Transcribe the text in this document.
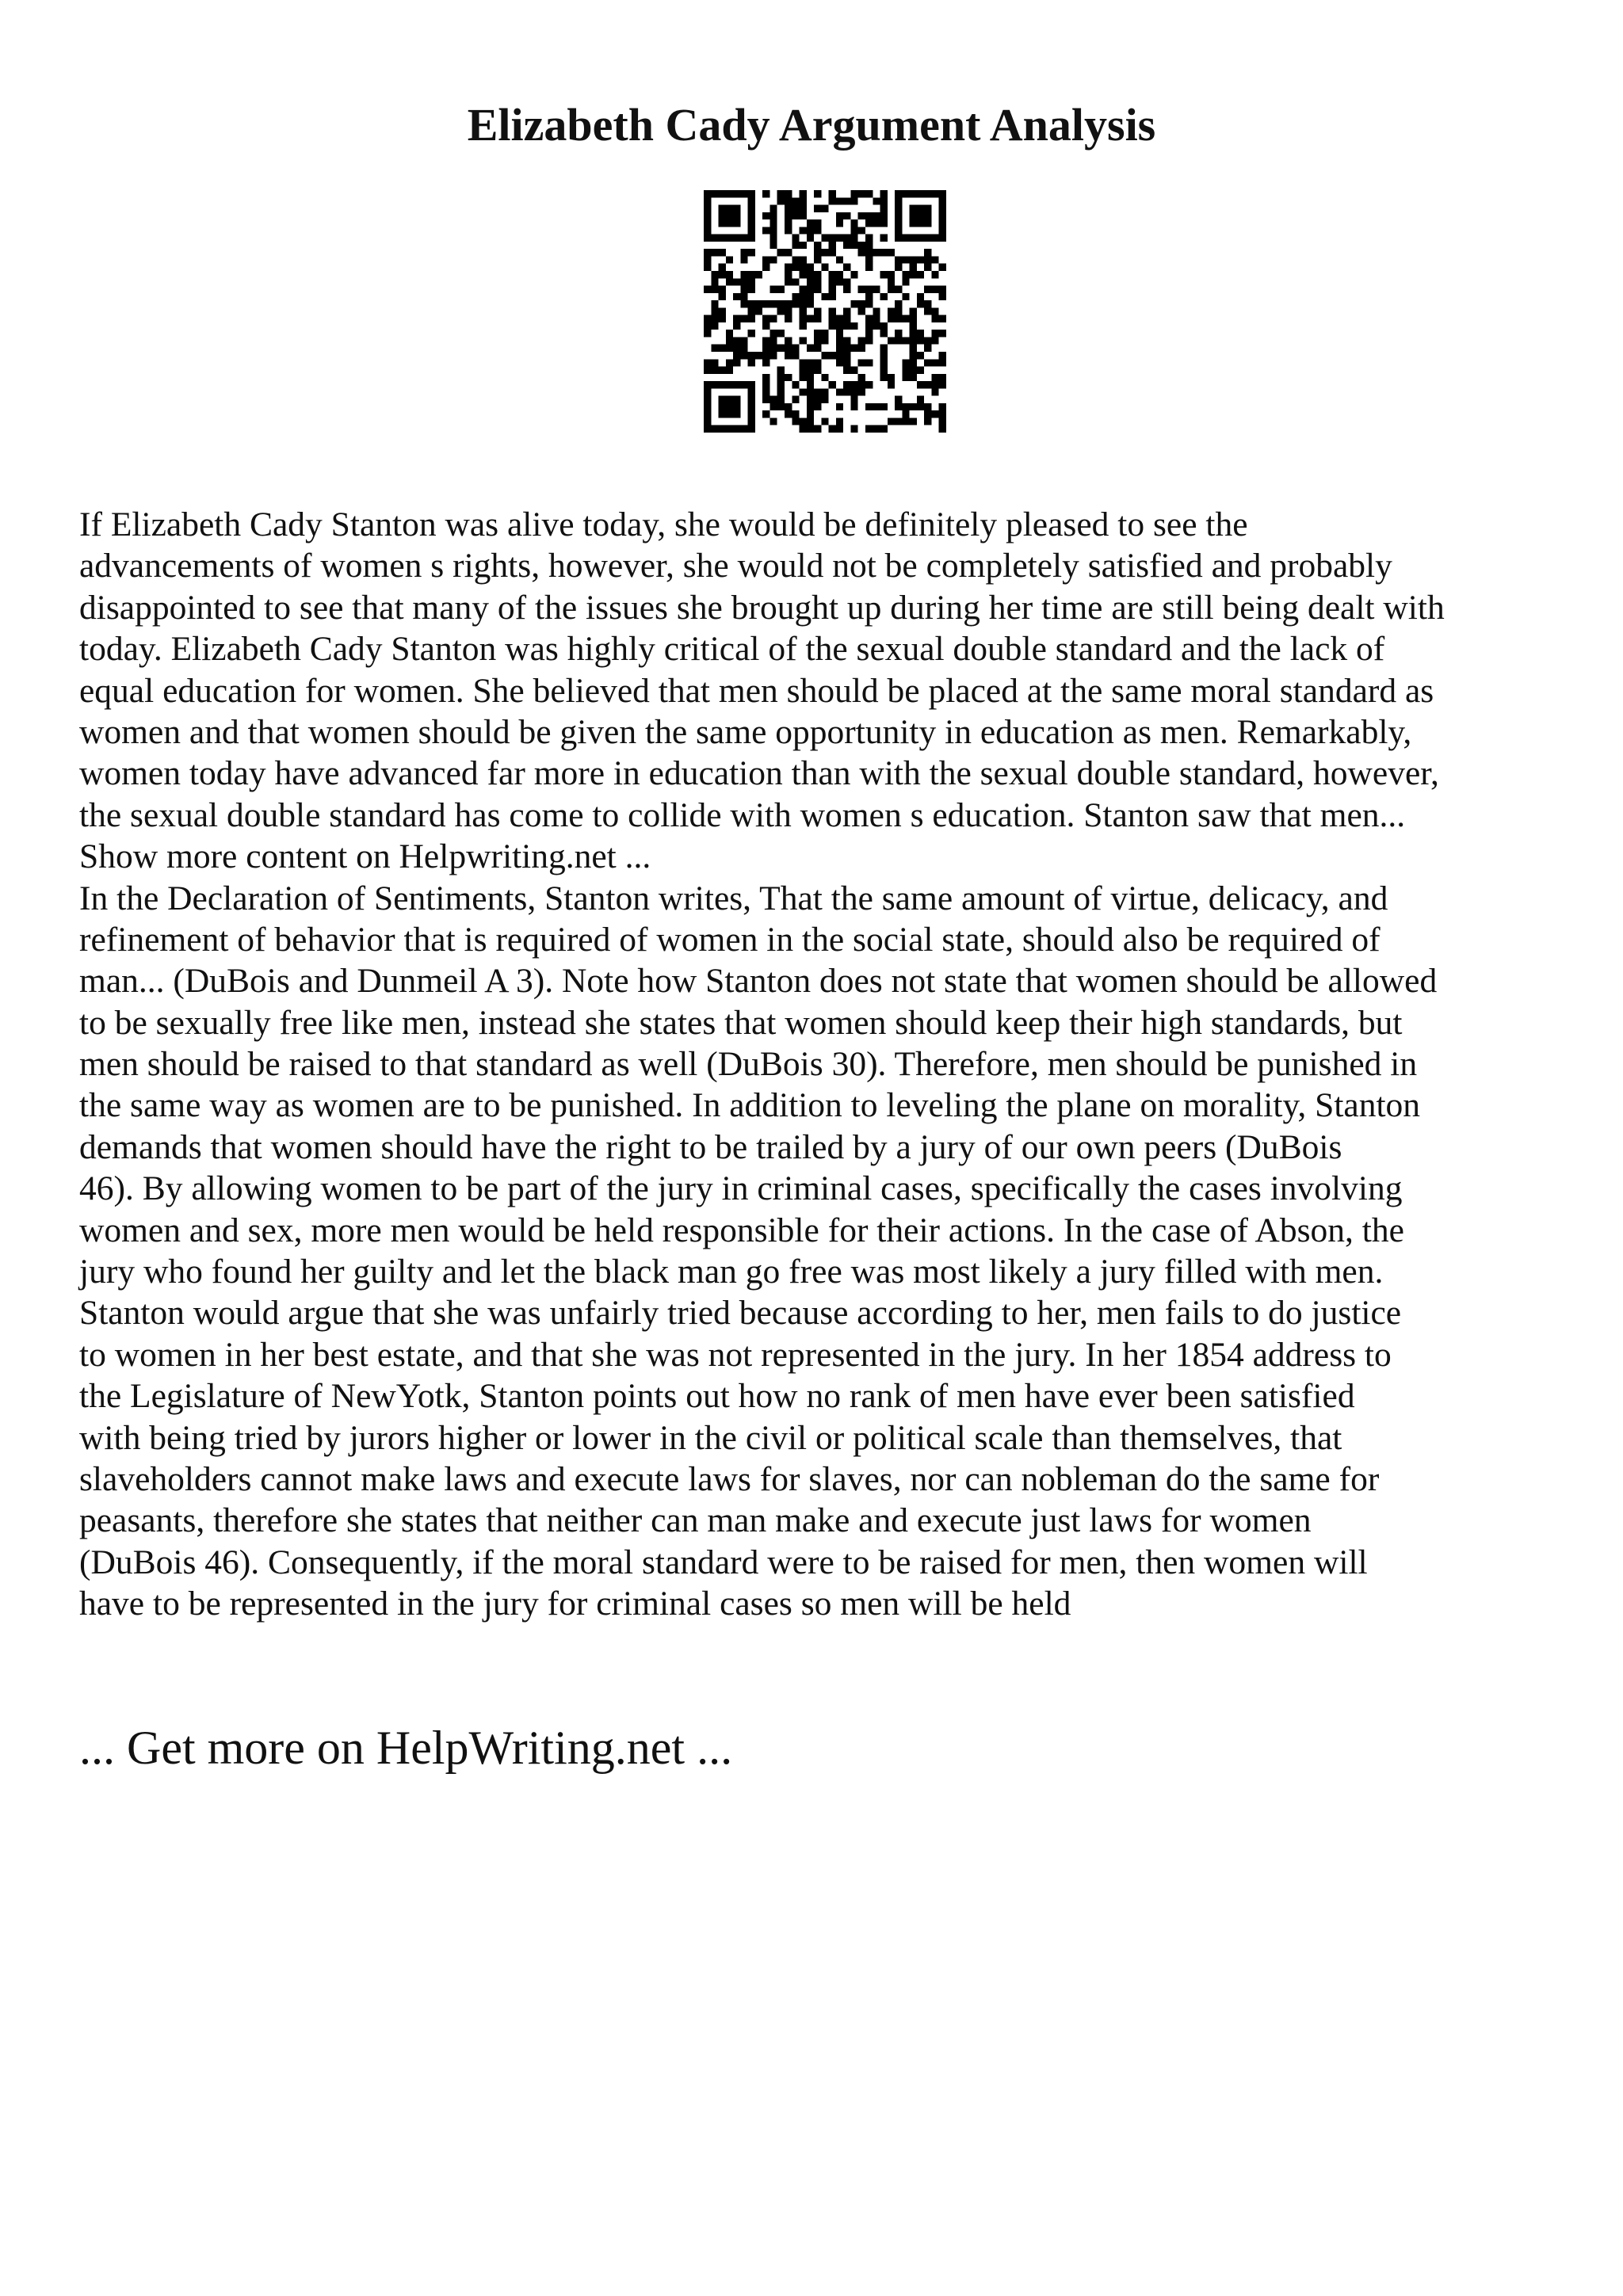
Elizabeth Cady Argument Analysis
If Elizabeth Cady Stanton was alive today, she would be definitely pleased to see the
advancements of women s rights, however, she would not be completely satisfied and probably
disappointed to see that many of the issues she brought up during her time are still being dealt with
today. Elizabeth Cady Stanton was highly critical of the sexual double standard and the lack of
equal education for women. She believed that men should be placed at the same moral standard as
women and that women should be given the same opportunity in education as men. Remarkably,
women today have advanced far more in education than with the sexual double standard, however,
the sexual double standard has come to collide with women s education. Stanton saw that men...
Show more content on Helpwriting.net ...
In the Declaration of Sentiments, Stanton writes, That the same amount of virtue, delicacy, and
refinement of behavior that is required of women in the social state, should also be required of
man... (DuBois and Dunmeil A 3). Note how Stanton does not state that women should be allowed
to be sexually free like men, instead she states that women should keep their high standards, but
men should be raised to that standard as well (DuBois 30). Therefore, men should be punished in
the same way as women are to be punished. In addition to leveling the plane on morality, Stanton
demands that women should have the right to be trailed by a jury of our own peers (DuBois
46). By allowing women to be part of the jury in criminal cases, specifically the cases involving
women and sex, more men would be held responsible for their actions. In the case of Abson, the
jury who found her guilty and let the black man go free was most likely a jury filled with men.
Stanton would argue that she was unfairly tried because according to her, men fails to do justice
to women in her best estate, and that she was not represented in the jury. In her 1854 address to
the Legislature of NewYotk, Stanton points out how no rank of men have ever been satisfied
with being tried by jurors higher or lower in the civil or political scale than themselves, that
slaveholders cannot make laws and execute laws for slaves, nor can nobleman do the same for
peasants, therefore she states that neither can man make and execute just laws for women
(DuBois 46). Consequently, if the moral standard were to be raised for men, then women will
have to be represented in the jury for criminal cases so men will be held
... Get more on HelpWriting.net ...
